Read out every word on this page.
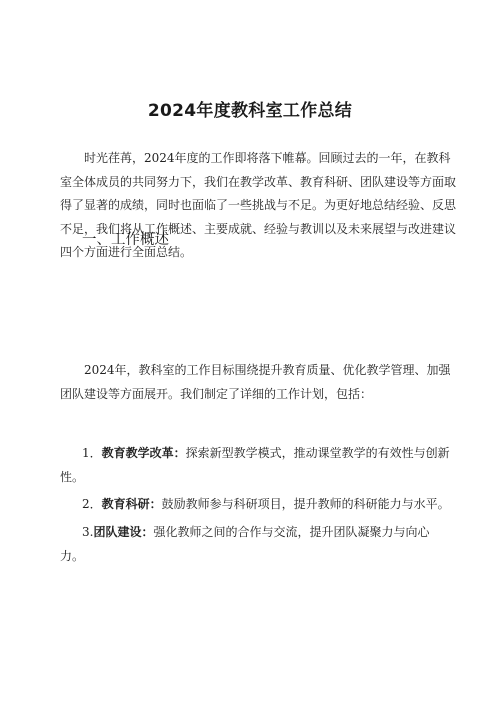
2024年度教科室工作总结

时光荏苒，2024年度的工作即将落下帷幕。回顾过去的一年，在教科
室全体成员的共同努力下，我们在教学改革、教育科研、团队建设等方面取
得了显著的成绩，同时也面临了一些挑战与不足。为更好地总结经验、反思
不足，我们将从工作概述、主要成就、经验与教训以及未来展望与改进建议
四个方面进行全面总结。

一、工作概述

2024年，教科室的工作目标围绕提升教育质量、优化教学管理、加强
团队建设等方面展开。我们制定了详细的工作计划，包括：

1．教育教学改革：探索新型教学模式，推动课堂教学的有效性与创新
性。

2．教育科研：鼓励教师参与科研项目，提升教师的科研能力与水平。

3.团队建设：强化教师之间的合作与交流，提升团队凝聚力与向心
力。
